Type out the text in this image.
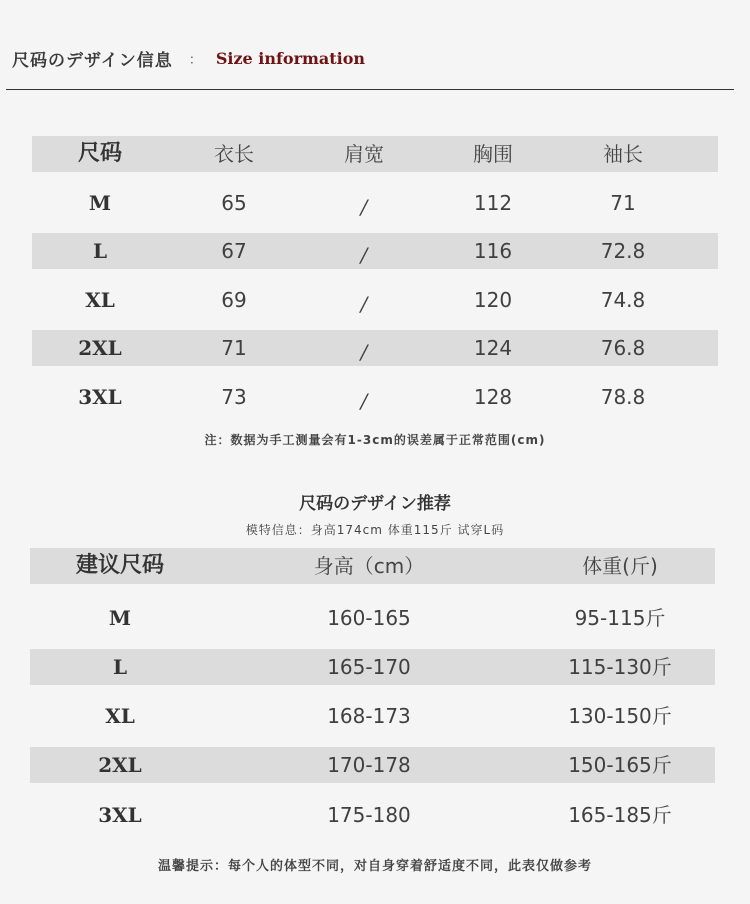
尺码のデザイン信息 ： Size information
尺码	衣长	肩宽	胸围	袖长
M	65	/	112	71
L	67	/	116	72.8
XL	69	/	120	74.8
2XL	71	/	124	76.8
3XL	73	/	128	78.8
注：数据为手工测量会有1-3cm的误差属于正常范围(cm)
尺码のデザイン推荐
模特信息：身高174cm 体重115斤 试穿L码
建议尺码	身高（cm）	体重(斤)
M	160-165	95-115斤
L	165-170	115-130斤
XL	168-173	130-150斤
2XL	170-178	150-165斤
3XL	175-180	165-185斤
温馨提示：每个人的体型不同，对自身穿着舒适度不同，此表仅做参考
